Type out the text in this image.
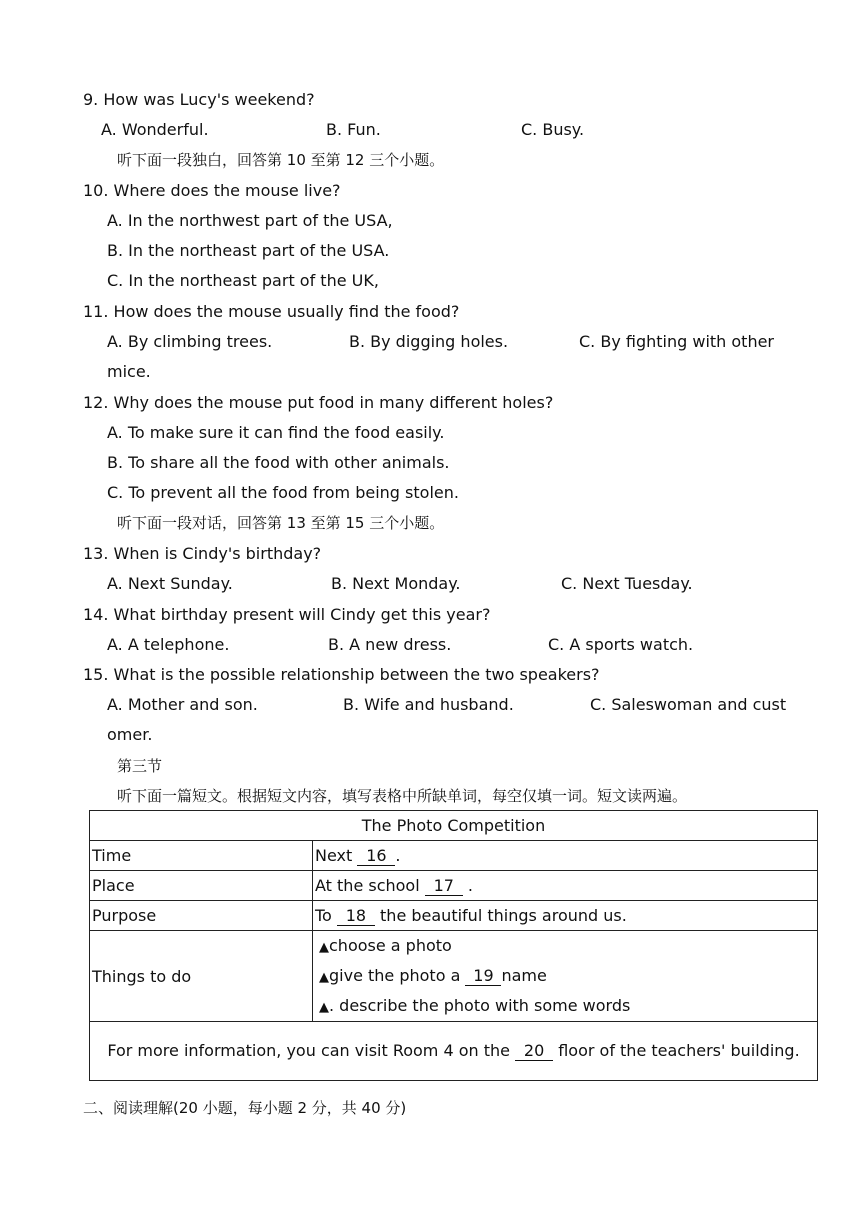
9. How was Lucy's weekend?
A. Wonderful.	B. Fun.	C. Busy.
听下面一段独白，回答第 10 至第 12 三个小题。
10. Where does the mouse live?
A. In the northwest part of the USA,
B. In the northeast part of the USA.
C. In the northeast part of the UK,
11. How does the mouse usually find the food?
A. By climbing trees.	B. By digging holes.	C. By fighting with other
mice.
12. Why does the mouse put food in many different holes?
A. To make sure it can find the food easily.
B. To share all the food with other animals.
C. To prevent all the food from being stolen.
听下面一段对话，回答第 13 至第 15 三个小题。
13. When is Cindy's birthday?
A. Next Sunday.	B. Next Monday.	C. Next Tuesday.
14. What birthday present will Cindy get this year?
A. A telephone.	B. A new dress.	C. A sports watch.
15. What is the possible relationship between the two speakers?
A. Mother and son.	B. Wife and husband.	C. Saleswoman and cust
omer.
第三节
听下面一篇短文。根据短文内容，填写表格中所缺单词，每空仅填一词。短文读两遍。
The Photo Competition	
Time	Next 16 .
Place	At the school 17 .
Purpose	To 18 the beautiful things around us.
Things to do	▲choose a photo
▲give the photo a 19 name
▲. describe the photo with some words

For more information, you can visit Room 4 on the 20 floor of the teachers' building.	
二、阅读理解(20 小题，每小题 2 分，共 40 分)
